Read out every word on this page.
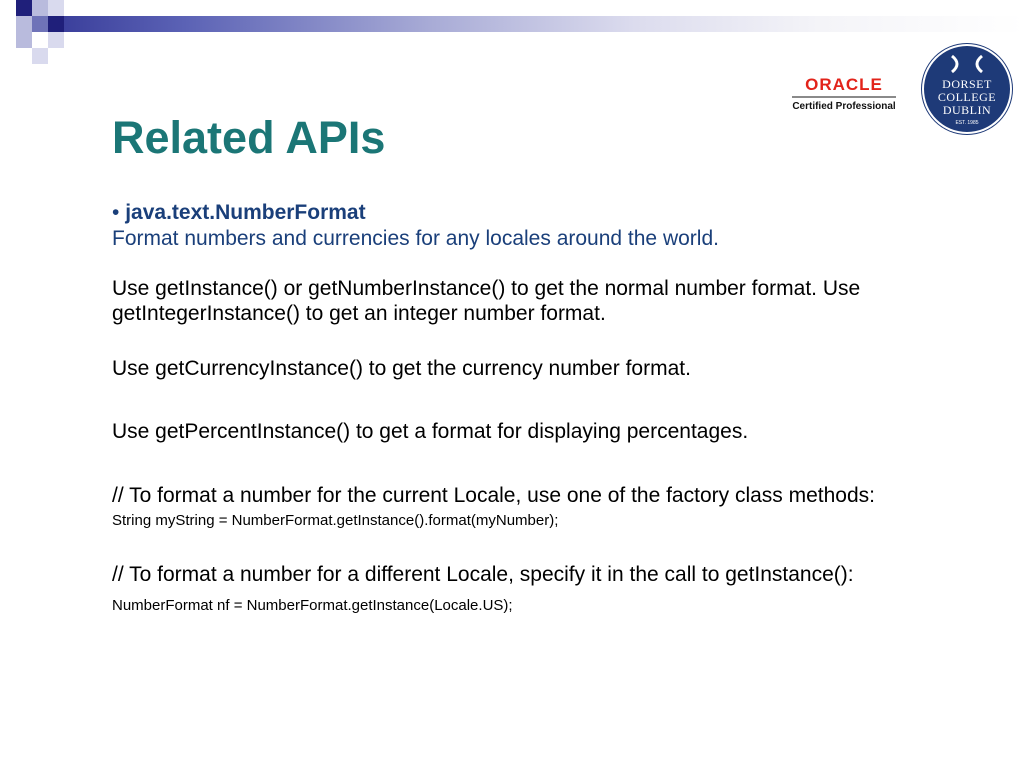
ORACLE
Certified Professional
DORSET
COLLEGE
DUBLIN
EST. 1985
Related APIs
• java.text.NumberFormat
Format numbers and currencies for any locales around the world.
Use getInstance() or getNumberInstance() to get the normal number format. Use getIntegerInstance() to get an integer number format.
Use getCurrencyInstance() to get the currency number format.
Use getPercentInstance() to get a format for displaying percentages.
// To format a number for the current Locale, use one of the factory class methods:
String myString = NumberFormat.getInstance().format(myNumber);
// To format a number for a different Locale, specify it in the call to getInstance():
NumberFormat nf = NumberFormat.getInstance(Locale.US);
